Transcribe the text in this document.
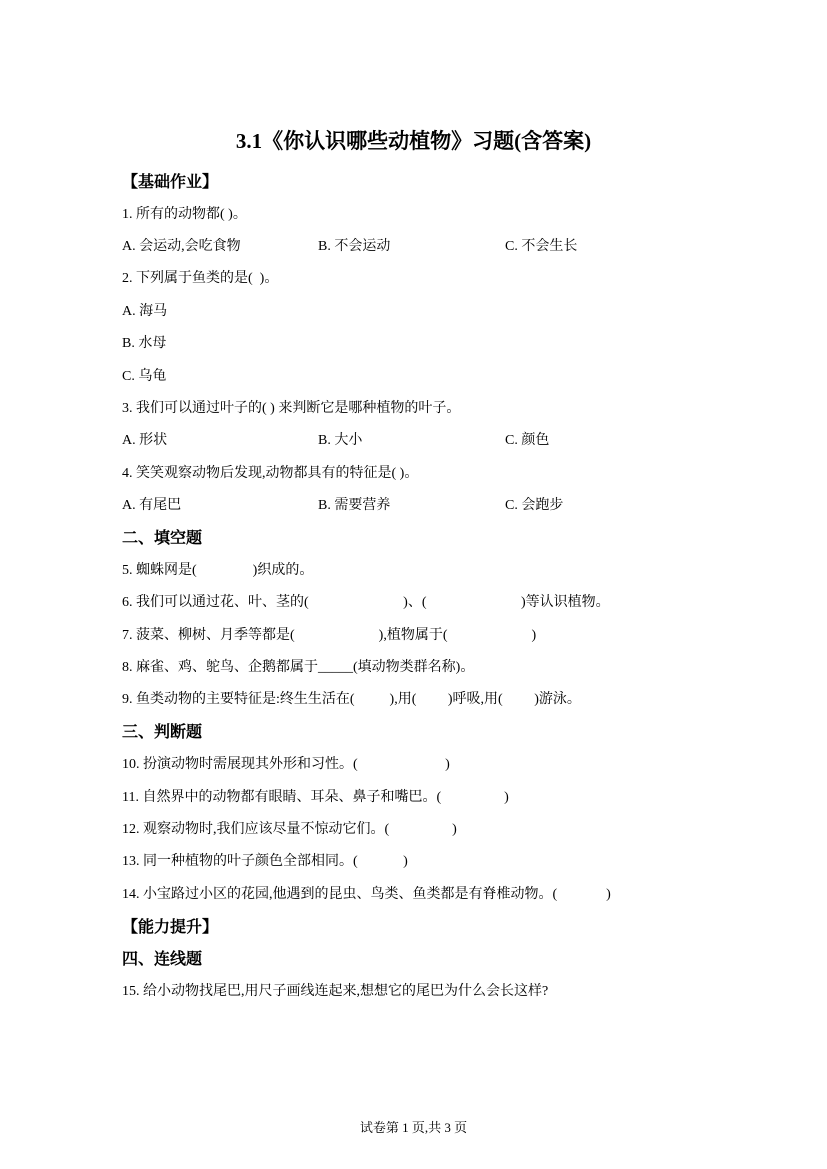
3.1《你认识哪些动植物》习题(含答案)
【基础作业】
1. 所有的动物都( )。
A. 会运动,会吃食物	B. 不会运动	C. 不会生长
2. 下列属于鱼类的是(  )。
A. 海马
B. 水母
C. 乌龟
3. 我们可以通过叶子的( ) 来判断它是哪种植物的叶子。
A. 形状	B. 大小	C. 颜色
4. 笑笑观察动物后发现,动物都具有的特征是( )。
A. 有尾巴	B. 需要营养	C. 会跑步
二、填空题
5. 蜘蛛网是(                )织成的。
6. 我们可以通过花、叶、茎的(                           )、(                           )等认识植物。
7. 菠菜、柳树、月季等都是(                        ),植物属于(                        )
8. 麻雀、鸡、鸵鸟、企鹅都属于_____(填动物类群名称)。
9. 鱼类动物的主要特征是:终生生活在(          ),用(         )呼吸,用(         )游泳。
三、判断题
10. 扮演动物时需展现其外形和习性。(                         )
11. 自然界中的动物都有眼睛、耳朵、鼻子和嘴巴。(                  )
12. 观察动物时,我们应该尽量不惊动它们。(                  )
13. 同一种植物的叶子颜色全部相同。(             )
14. 小宝路过小区的花园,他遇到的昆虫、鸟类、鱼类都是有脊椎动物。(              )
【能力提升】
四、连线题
15. 给小动物找尾巴,用尺子画线连起来,想想它的尾巴为什么会长这样?
试卷第 1 页,共 3 页
